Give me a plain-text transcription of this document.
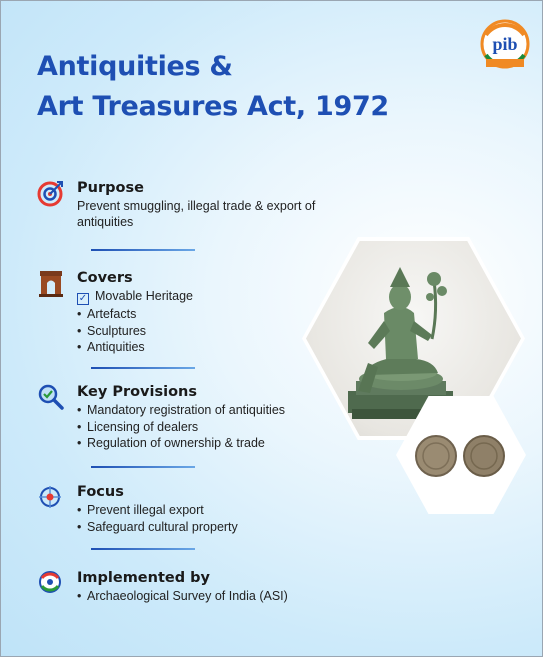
Antiquities &
Art Treasures Act, 1972
pib
Purpose
Prevent smuggling, illegal trade & export of antiquities
Covers
✓ Movable Heritage
• Artefacts
• Sculptures
• Antiquities
Key Provisions
• Mandatory registration of antiquities
• Licensing of dealers
• Regulation of ownership & trade
Focus
• Prevent illegal export
• Safeguard cultural property
Implemented by
• Archaeological Survey of India (ASI)
